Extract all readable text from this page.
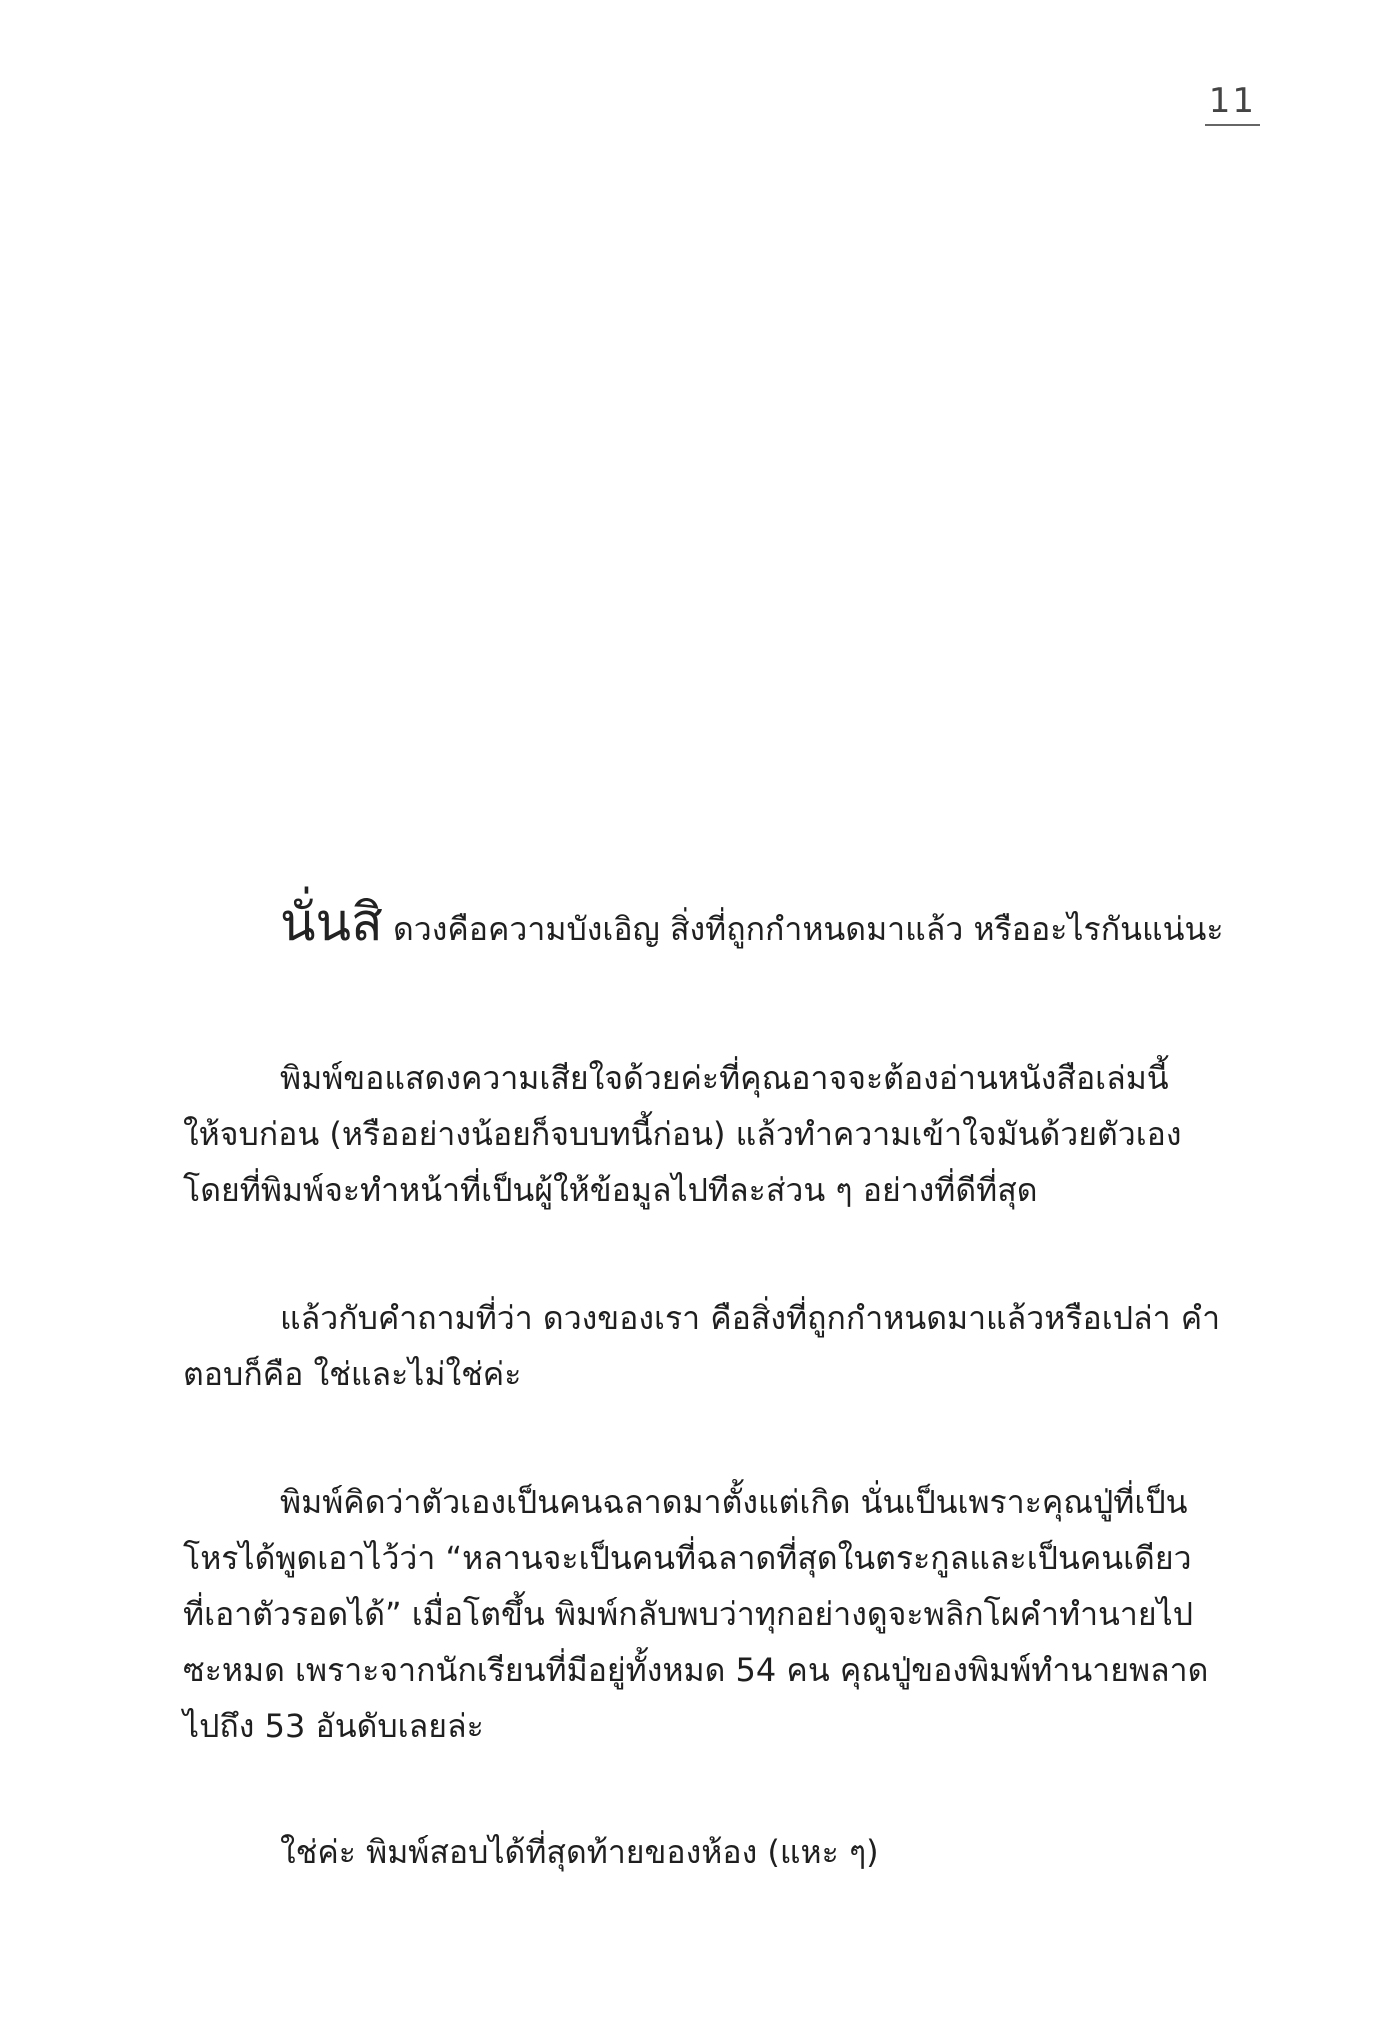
11

นั่นสิ ดวงคือความบังเอิญ สิ่งที่ถูกกำหนดมาแล้ว หรืออะไรกันแน่นะ

พิมพ์ขอแสดงความเสียใจด้วยค่ะที่คุณอาจจะต้องอ่านหนังสือเล่มนี้
ให้จบก่อน (หรืออย่างน้อยก็จบบทนี้ก่อน) แล้วทำความเข้าใจมันด้วยตัวเอง
โดยที่พิมพ์จะทำหน้าที่เป็นผู้ให้ข้อมูลไปทีละส่วน ๆ อย่างที่ดีที่สุด

แล้วกับคำถามที่ว่า ดวงของเรา คือสิ่งที่ถูกกำหนดมาแล้วหรือเปล่า คำ
ตอบก็คือ ใช่และไม่ใช่ค่ะ

พิมพ์คิดว่าตัวเองเป็นคนฉลาดมาตั้งแต่เกิด นั่นเป็นเพราะคุณปู่ที่เป็น
โหรได้พูดเอาไว้ว่า “หลานจะเป็นคนที่ฉลาดที่สุดในตระกูลและเป็นคนเดียว
ที่เอาตัวรอดได้” เมื่อโตขึ้น พิมพ์กลับพบว่าทุกอย่างดูจะพลิกโผคำทำนายไป
ซะหมด เพราะจากนักเรียนที่มีอยู่ทั้งหมด 54 คน คุณปู่ของพิมพ์ทำนายพลาด
ไปถึง 53 อันดับเลยล่ะ

ใช่ค่ะ พิมพ์สอบได้ที่สุดท้ายของห้อง (แหะ ๆ)
